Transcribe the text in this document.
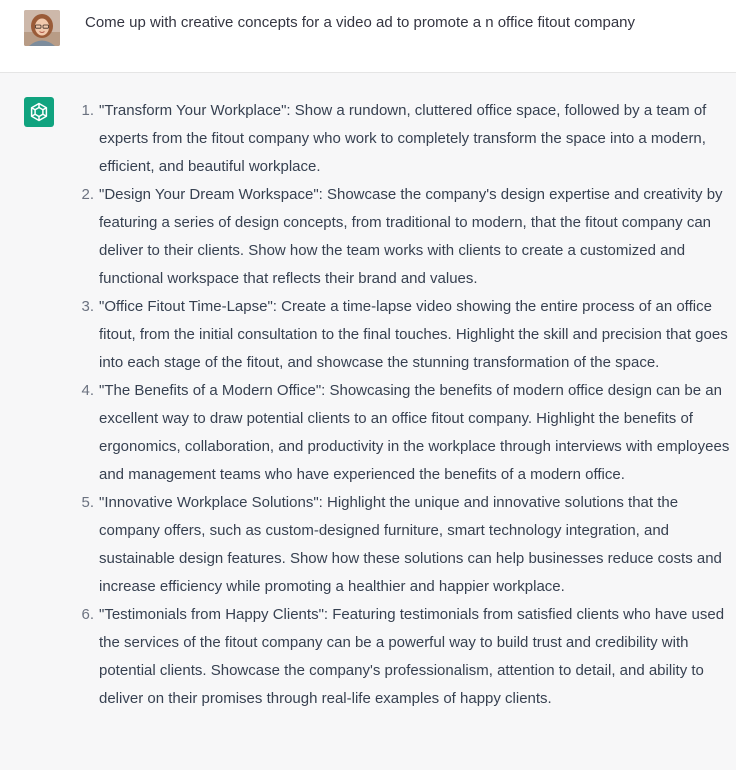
Come up with creative concepts for a video ad to promote a n office fitout company
1. "Transform Your Workplace": Show a rundown, cluttered office space, followed by a team of experts from the fitout company who work to completely transform the space into a modern, efficient, and beautiful workplace.
2. "Design Your Dream Workspace": Showcase the company's design expertise and creativity by featuring a series of design concepts, from traditional to modern, that the fitout company can deliver to their clients. Show how the team works with clients to create a customized and functional workspace that reflects their brand and values.
3. "Office Fitout Time-Lapse": Create a time-lapse video showing the entire process of an office fitout, from the initial consultation to the final touches. Highlight the skill and precision that goes into each stage of the fitout, and showcase the stunning transformation of the space.
4. "The Benefits of a Modern Office": Showcasing the benefits of modern office design can be an excellent way to draw potential clients to an office fitout company. Highlight the benefits of ergonomics, collaboration, and productivity in the workplace through interviews with employees and management teams who have experienced the benefits of a modern office.
5. "Innovative Workplace Solutions": Highlight the unique and innovative solutions that the company offers, such as custom-designed furniture, smart technology integration, and sustainable design features. Show how these solutions can help businesses reduce costs and increase efficiency while promoting a healthier and happier workplace.
6. "Testimonials from Happy Clients": Featuring testimonials from satisfied clients who have used the services of the fitout company can be a powerful way to build trust and credibility with potential clients. Showcase the company's professionalism, attention to detail, and ability to deliver on their promises through real-life examples of happy clients.
